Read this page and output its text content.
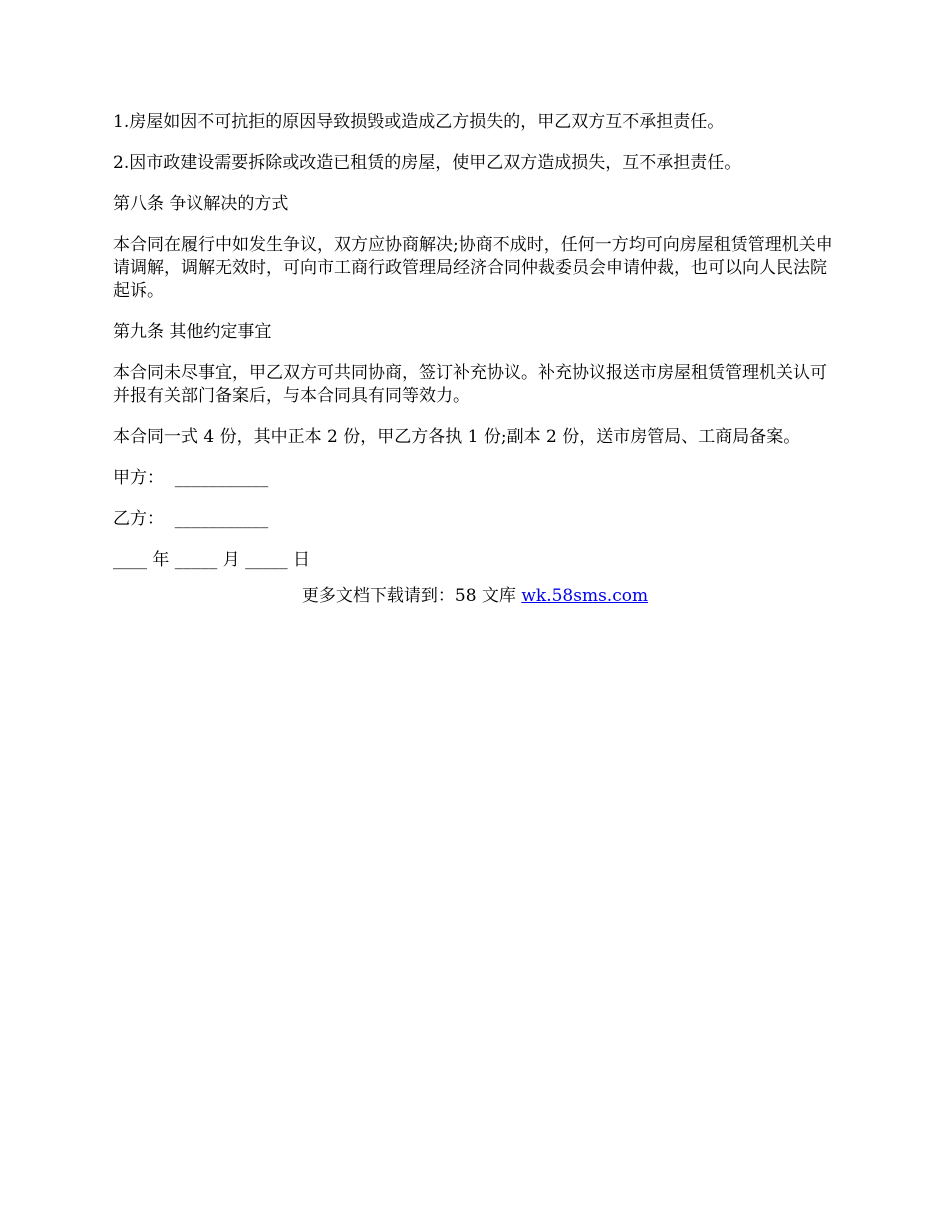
1.房屋如因不可抗拒的原因导致损毁或造成乙方损失的，甲乙双方互不承担责任。

2.因市政建设需要拆除或改造已租赁的房屋，使甲乙双方造成损失，互不承担责任。

第八条 争议解决的方式

本合同在履行中如发生争议，双方应协商解决;协商不成时，任何一方均可向房屋租赁管理机关申请调解，调解无效时，可向市工商行政管理局经济合同仲裁委员会申请仲裁，也可以向人民法院起诉。

第九条 其他约定事宜

本合同未尽事宜，甲乙双方可共同协商，签订补充协议。补充协议报送市房屋租赁管理机关认可并报有关部门备案后，与本合同具有同等效力。

本合同一式 4 份，其中正本 2 份，甲乙方各执 1 份;副本 2 份，送市房管局、工商局备案。

甲方：  ___________

乙方：  ___________

____ 年 _____ 月 _____ 日

更多文档下载请到：58 文库 wk.58sms.com
